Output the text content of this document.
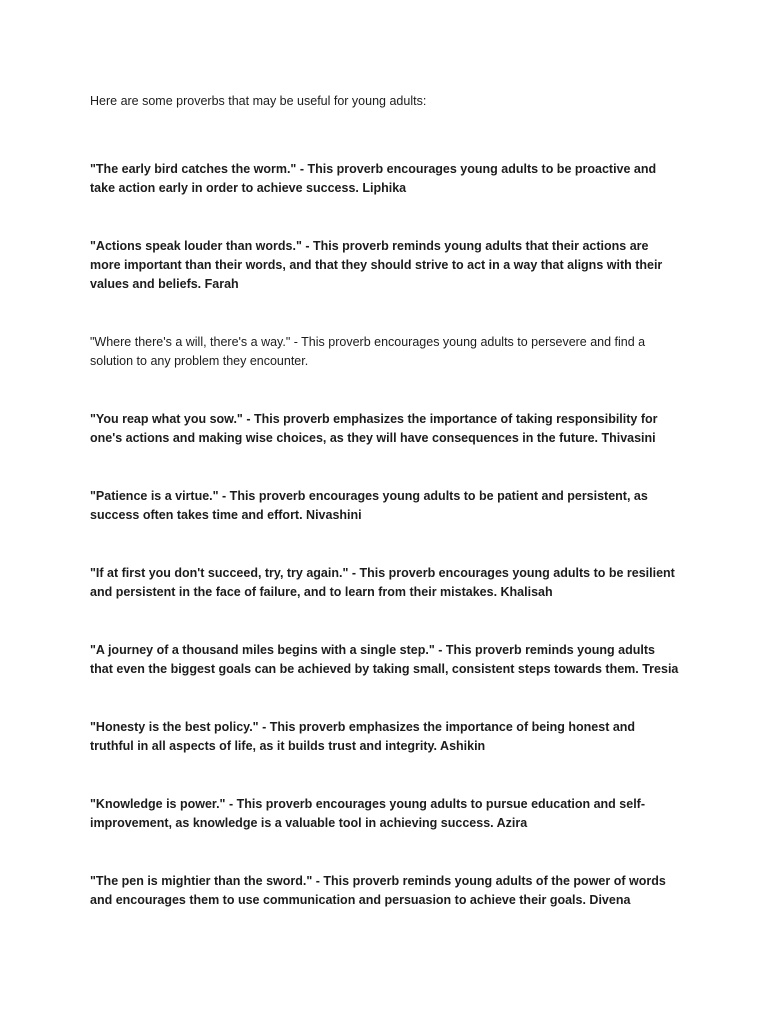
Here are some proverbs that may be useful for young adults:

"The early bird catches the worm." - This proverb encourages young adults to be proactive and take action early in order to achieve success. Liphika

"Actions speak louder than words." - This proverb reminds young adults that their actions are more important than their words, and that they should strive to act in a way that aligns with their values and beliefs. Farah

"Where there's a will, there's a way." - This proverb encourages young adults to persevere and find a solution to any problem they encounter.

"You reap what you sow." - This proverb emphasizes the importance of taking responsibility for one's actions and making wise choices, as they will have consequences in the future. Thivasini

"Patience is a virtue." - This proverb encourages young adults to be patient and persistent, as success often takes time and effort. Nivashini

"If at first you don't succeed, try, try again." - This proverb encourages young adults to be resilient and persistent in the face of failure, and to learn from their mistakes. Khalisah

"A journey of a thousand miles begins with a single step." - This proverb reminds young adults that even the biggest goals can be achieved by taking small, consistent steps towards them. Tresia

"Honesty is the best policy." - This proverb emphasizes the importance of being honest and truthful in all aspects of life, as it builds trust and integrity. Ashikin

"Knowledge is power." - This proverb encourages young adults to pursue education and self-improvement, as knowledge is a valuable tool in achieving success. Azira

"The pen is mightier than the sword." - This proverb reminds young adults of the power of words and encourages them to use communication and persuasion to achieve their goals. Divena
